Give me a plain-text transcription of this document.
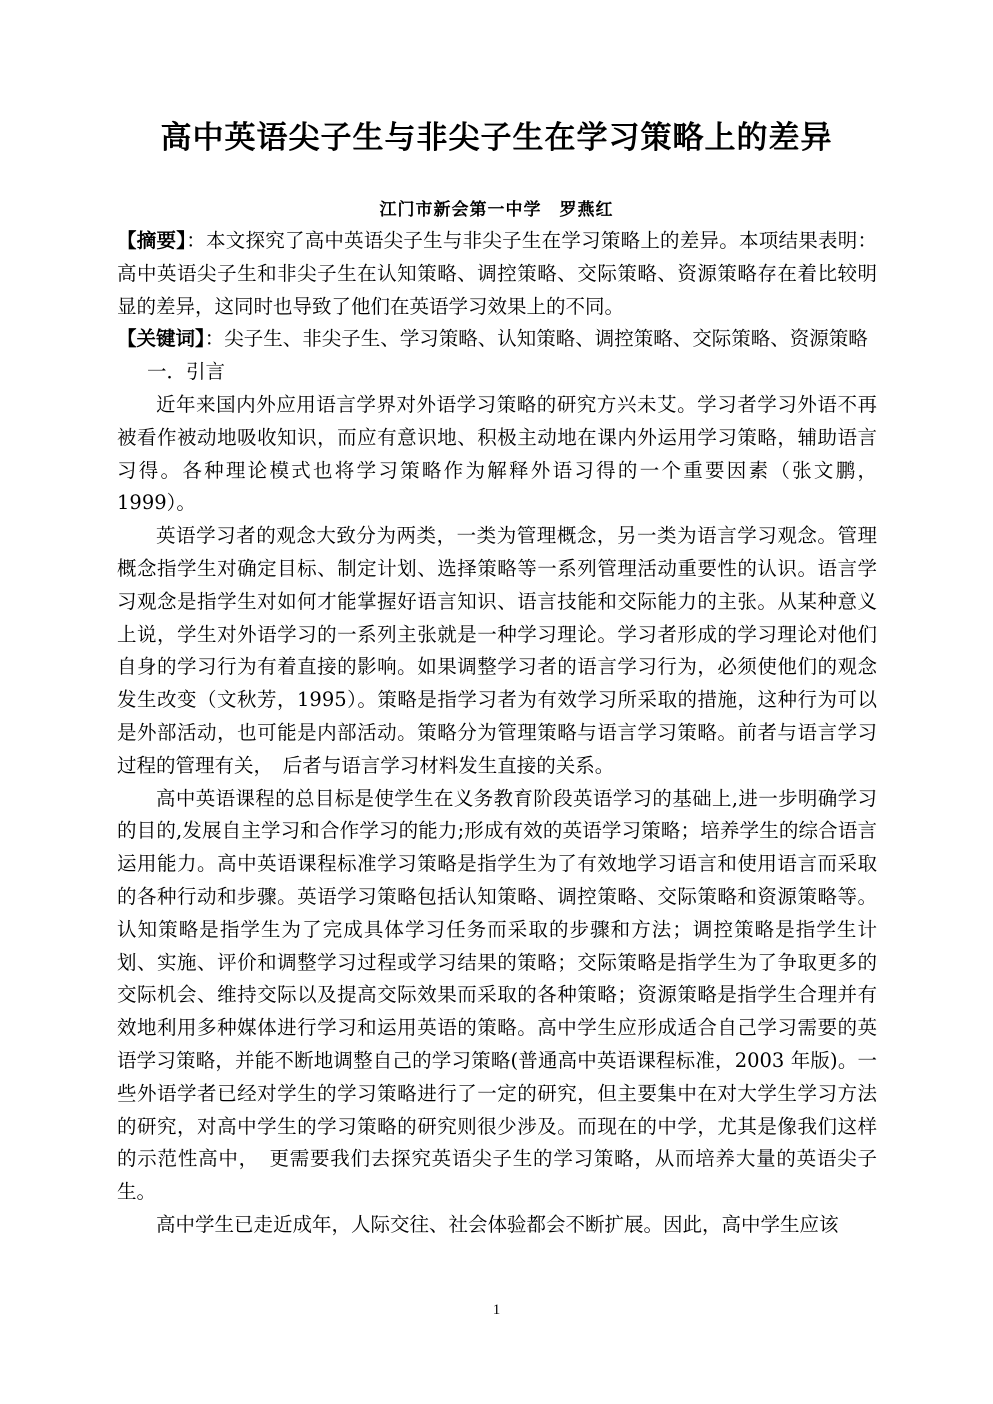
高中英语尖子生与非尖子生在学习策略上的差异
江门市新会第一中学　罗燕红

【摘要】：本文探究了高中英语尖子生与非尖子生在学习策略上的差异。本项结果表明：高中英语尖子生和非尖子生在认知策略、调控策略、交际策略、资源策略存在着比较明显的差异，这同时也导致了他们在英语学习效果上的不同。

【关键词】：尖子生、非尖子生、学习策略、认知策略、调控策略、交际策略、资源策略

一．引言

近年来国内外应用语言学界对外语学习策略的研究方兴未艾。学习者学习外语不再被看作被动地吸收知识，而应有意识地、积极主动地在课内外运用学习策略，辅助语言习得。各种理论模式也将学习策略作为解释外语习得的一个重要因素（张文鹏，1999）。

英语学习者的观念大致分为两类，一类为管理概念，另一类为语言学习观念。管理概念指学生对确定目标、制定计划、选择策略等一系列管理活动重要性的认识。语言学习观念是指学生对如何才能掌握好语言知识、语言技能和交际能力的主张。从某种意义上说，学生对外语学习的一系列主张就是一种学习理论。学习者形成的学习理论对他们自身的学习行为有着直接的影响。如果调整学习者的语言学习行为，必须使他们的观念发生改变（文秋芳，1995）。策略是指学习者为有效学习所采取的措施，这种行为可以是外部活动，也可能是内部活动。策略分为管理策略与语言学习策略。前者与语言学习过程的管理有关，　后者与语言学习材料发生直接的关系。

高中英语课程的总目标是使学生在义务教育阶段英语学习的基础上,进一步明确学习的目的,发展自主学习和合作学习的能力;形成有效的英语学习策略；培养学生的综合语言运用能力。高中英语课程标准学习策略是指学生为了有效地学习语言和使用语言而采取的各种行动和步骤。英语学习策略包括认知策略、调控策略、交际策略和资源策略等。认知策略是指学生为了完成具体学习任务而采取的步骤和方法；调控策略是指学生计划、实施、评价和调整学习过程或学习结果的策略；交际策略是指学生为了争取更多的交际机会、维持交际以及提高交际效果而采取的各种策略；资源策略是指学生合理并有效地利用多种媒体进行学习和运用英语的策略。高中学生应形成适合自己学习需要的英语学习策略，并能不断地调整自己的学习策略(普通高中英语课程标准，2003 年版)。一些外语学者已经对学生的学习策略进行了一定的研究，但主要集中在对大学生学习方法的研究，对高中学生的学习策略的研究则很少涉及。而现在的中学，尤其是像我们这样的示范性高中，　更需要我们去探究英语尖子生的学习策略，从而培养大量的英语尖子生。

高中学生已走近成年，人际交往、社会体验都会不断扩展。因此，高中学生应该

1
